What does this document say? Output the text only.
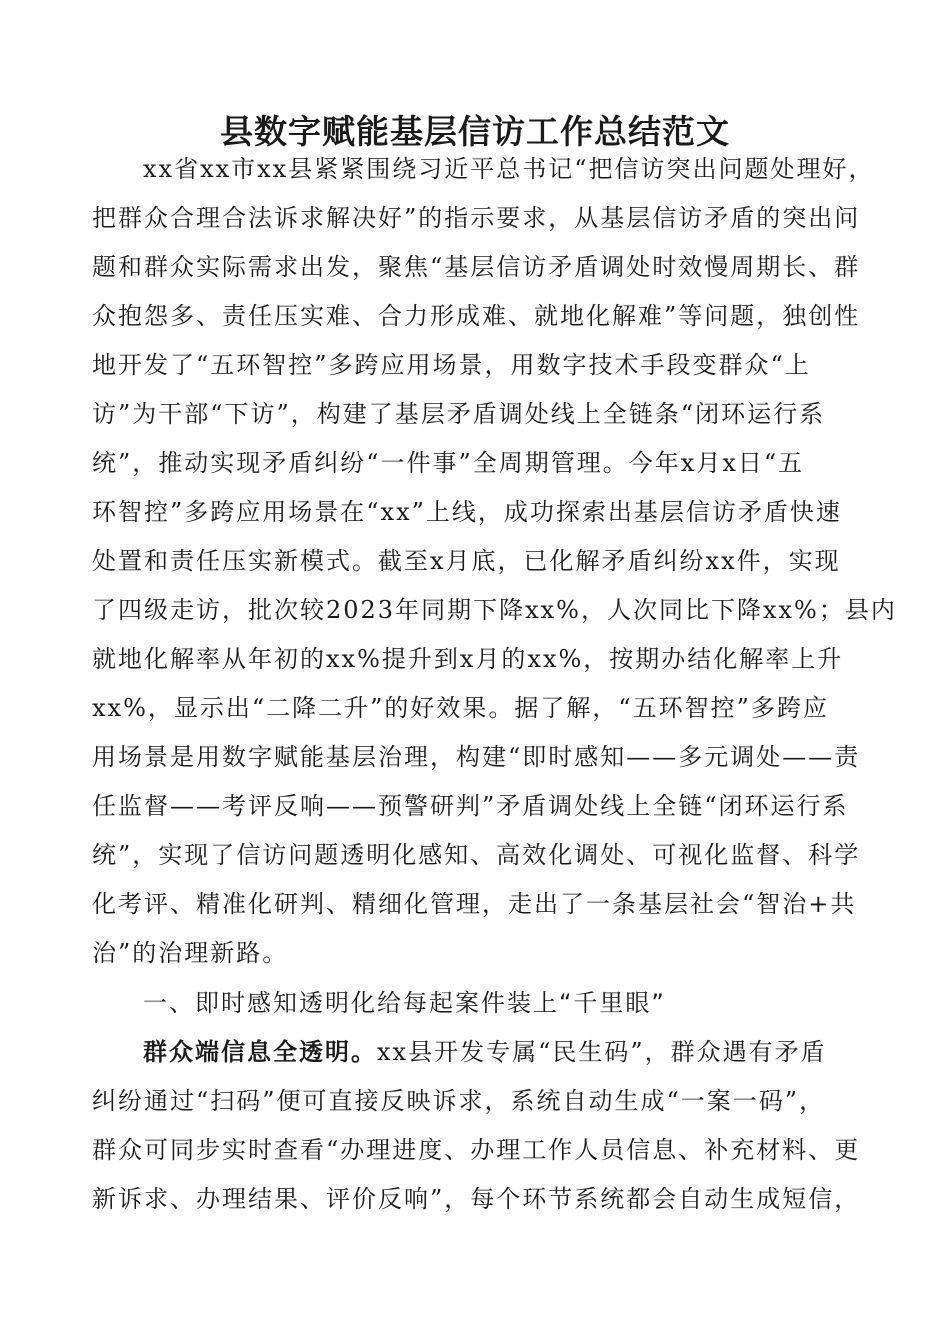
县数字赋能基层信访工作总结范文
xx省xx市xx县紧紧围绕习近平总书记“把信访突出问题处理好，
把群众合理合法诉求解决好”的指示要求，从基层信访矛盾的突出问
题和群众实际需求出发，聚焦“基层信访矛盾调处时效慢周期长、群
众抱怨多、责任压实难、合力形成难、就地化解难”等问题，独创性
地开发了“五环智控”多跨应用场景，用数字技术手段变群众“上
访”为干部“下访”，构建了基层矛盾调处线上全链条“闭环运行系
统”，推动实现矛盾纠纷“一件事”全周期管理。今年x月x日“五
环智控”多跨应用场景在“xx”上线，成功探索出基层信访矛盾快速
处置和责任压实新模式。截至x月底，已化解矛盾纠纷xx件，实现
了四级走访，批次较2023年同期下降xx%，人次同比下降xx%；县内
就地化解率从年初的xx%提升到x月的xx%，按期办结化解率上升
xx%，显示出“二降二升”的好效果。据了解，“五环智控”多跨应
用场景是用数字赋能基层治理，构建“即时感知——多元调处——责
任监督——考评反响——预警研判”矛盾调处线上全链“闭环运行系
统”，实现了信访问题透明化感知、高效化调处、可视化监督、科学
化考评、精准化研判、精细化管理，走出了一条基层社会“智治+共
治”的治理新路。
一、即时感知透明化给每起案件装上“千里眼”
群众端信息全透明。xx县开发专属“民生码”，群众遇有矛盾
纠纷通过“扫码”便可直接反映诉求，系统自动生成“一案一码”，
群众可同步实时查看“办理进度、办理工作人员信息、补充材料、更
新诉求、办理结果、评价反响”，每个环节系统都会自动生成短信，
